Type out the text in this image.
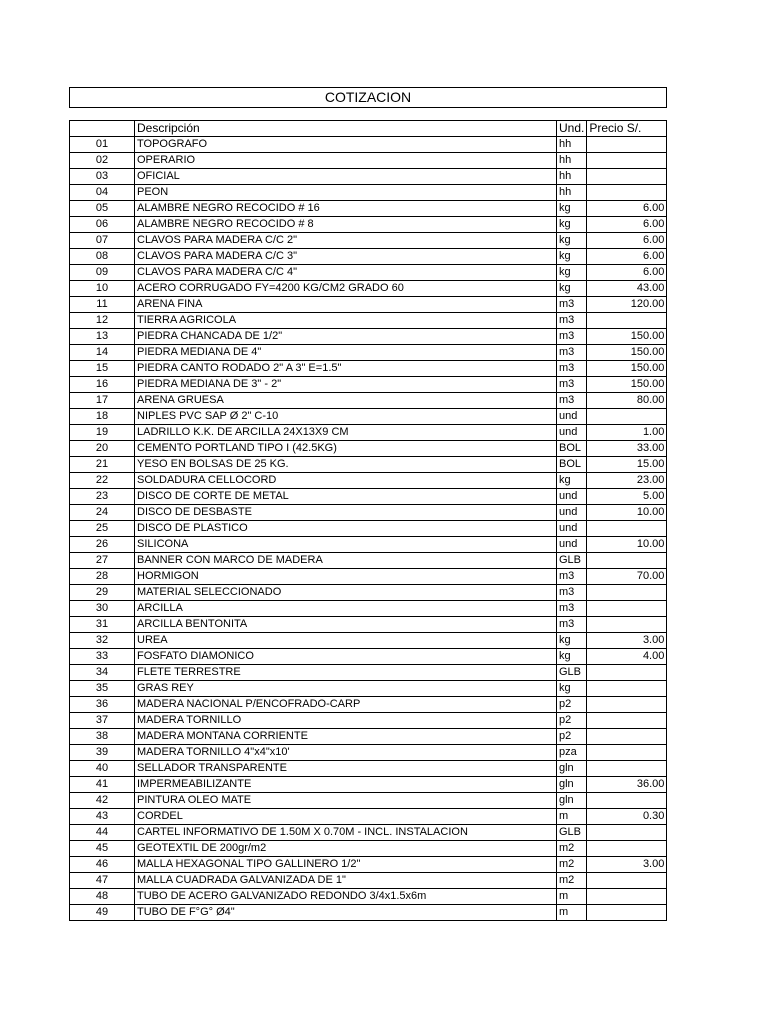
COTIZACION
	Descripción	Und.	Precio S/.
01	TOPOGRAFO	hh	
02	OPERARIO	hh	
03	OFICIAL	hh	
04	PEON	hh	
05	ALAMBRE NEGRO RECOCIDO # 16	kg	6.00
06	ALAMBRE NEGRO RECOCIDO # 8	kg	6.00
07	CLAVOS PARA MADERA C/C 2"	kg	6.00
08	CLAVOS PARA MADERA C/C 3"	kg	6.00
09	CLAVOS PARA MADERA C/C 4"	kg	6.00
10	ACERO CORRUGADO FY=4200 KG/CM2 GRADO 60	kg	43.00
11	ARENA FINA	m3	120.00
12	TIERRA AGRICOLA	m3	
13	PIEDRA CHANCADA DE 1/2"	m3	150.00
14	PIEDRA MEDIANA DE 4"	m3	150.00
15	PIEDRA CANTO RODADO 2" A 3" E=1.5"	m3	150.00
16	PIEDRA MEDIANA DE 3" - 2"	m3	150.00
17	ARENA GRUESA	m3	80.00
18	NIPLES PVC SAP Ø 2" C-10	und	
19	LADRILLO K.K. DE ARCILLA 24X13X9 CM	und	1.00
20	CEMENTO PORTLAND TIPO I (42.5KG)	BOL	33.00
21	YESO EN BOLSAS DE 25 KG.	BOL	15.00
22	SOLDADURA CELLOCORD	kg	23.00
23	DISCO DE CORTE DE METAL	und	5.00
24	DISCO DE DESBASTE	und	10.00
25	DISCO DE PLASTICO	und	
26	SILICONA	und	10.00
27	BANNER CON MARCO DE MADERA	GLB	
28	HORMIGON	m3	70.00
29	MATERIAL SELECCIONADO	m3	
30	ARCILLA	m3	
31	ARCILLA BENTONITA	m3	
32	UREA	kg	3.00
33	FOSFATO DIAMONICO	kg	4.00
34	FLETE TERRESTRE	GLB	
35	GRAS REY	kg	
36	MADERA NACIONAL P/ENCOFRADO-CARP	p2	
37	MADERA TORNILLO	p2	
38	MADERA MONTANA CORRIENTE	p2	
39	MADERA TORNILLO 4"x4"x10'	pza	
40	SELLADOR TRANSPARENTE	gln	
41	IMPERMEABILIZANTE	gln	36.00
42	PINTURA OLEO MATE	gln	
43	CORDEL	m	0.30
44	CARTEL INFORMATIVO DE 1.50M X 0.70M - INCL. INSTALACION	GLB	
45	GEOTEXTIL DE 200gr/m2	m2	
46	MALLA HEXAGONAL TIPO GALLINERO 1/2"	m2	3.00
47	MALLA CUADRADA GALVANIZADA DE 1"	m2	
48	TUBO DE ACERO GALVANIZADO REDONDO 3/4x1.5x6m	m	
49	TUBO DE F°G° Ø4"	m	
